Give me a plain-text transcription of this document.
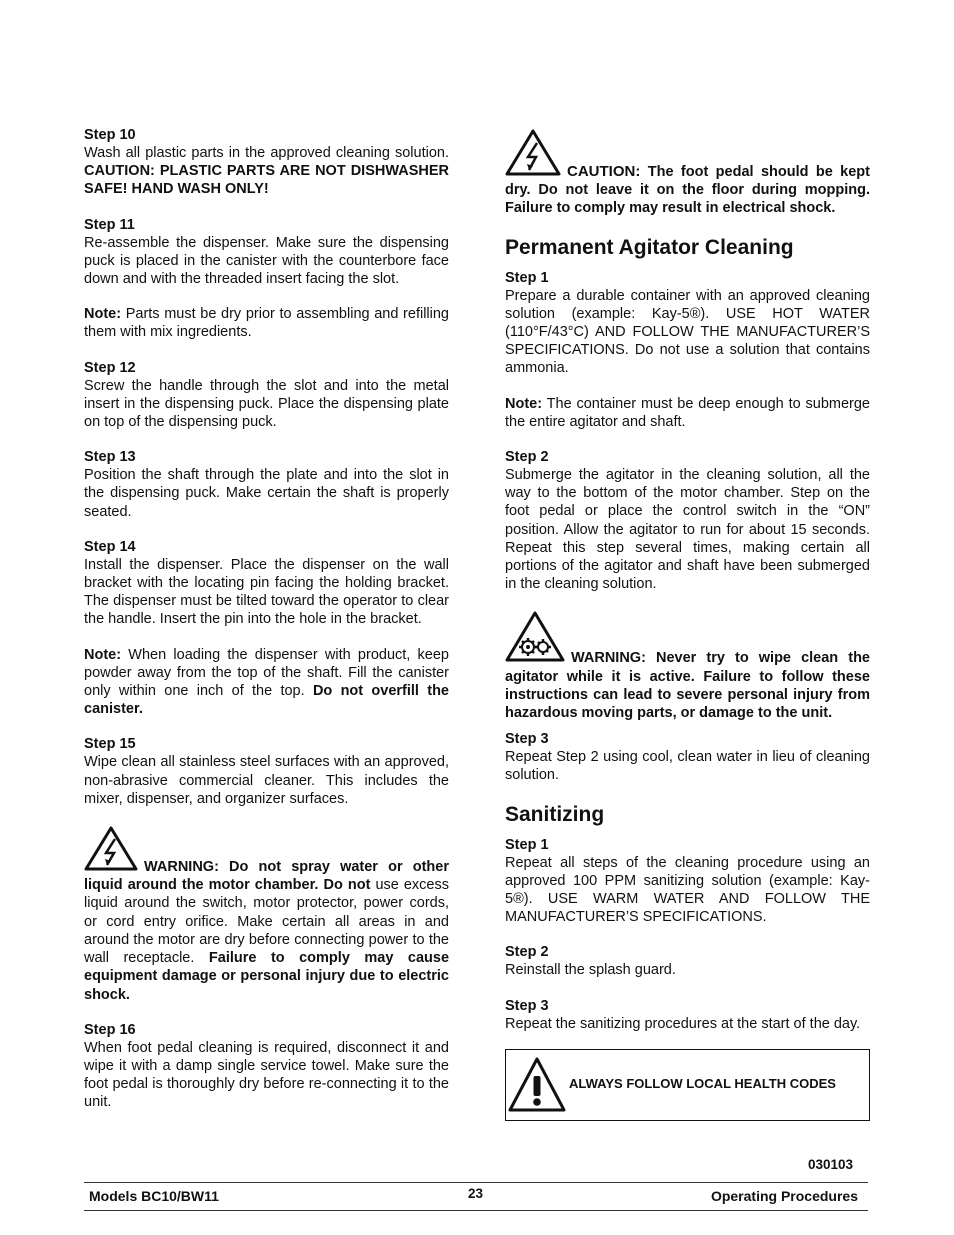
Step 10

Wash all plastic parts in the approved cleaning solution. CAUTION: PLASTIC PARTS ARE NOT DISHWASHER SAFE! HAND WASH ONLY!

Step 11

Re-assemble the dispenser. Make sure the dispensing puck is placed in the canister with the counterbore face down and with the threaded insert facing the slot.

Note: Parts must be dry prior to assembling and refilling them with mix ingredients.

Step 12

Screw the handle through the slot and into the metal insert in the dispensing puck. Place the dispensing plate on top of the dispensing puck.

Step 13

Position the shaft through the plate and into the slot in the dispensing puck. Make certain the shaft is properly seated.

Step 14

Install the dispenser. Place the dispenser on the wall bracket with the locating pin facing the holding bracket. The dispenser must be tilted toward the operator to clear the handle. Insert the pin into the hole in the bracket.

Note: When loading the dispenser with product, keep powder away from the top of the shaft. Fill the canister only within one inch of the top. Do not overfill the canister.

Step 15

Wipe clean all stainless steel surfaces with an approved, non-abrasive commercial cleaner. This includes the mixer, dispenser, and organizer surfaces.

WARNING: Do not spray water or other liquid around the motor chamber. Do not use excess liquid around the switch, motor protector, power cords, or cord entry orifice. Make certain all areas in and around the motor are dry before connecting power to the wall receptacle. Failure to comply may cause equipment damage or personal injury due to electric shock.
Step 16

When foot pedal cleaning is required, disconnect it and wipe it with a damp single service towel. Make sure the foot pedal is thoroughly dry before re-connecting it to the unit.

CAUTION: The foot pedal should be kept dry. Do not leave it on the floor during mopping. Failure to comply may result in electrical shock.
Permanent Agitator Cleaning
Step 1

Prepare a durable container with an approved cleaning solution (example: Kay-5®). USE HOT WATER (110°F/43°C) AND FOLLOW THE MANUFACTURER’S SPECIFICATIONS. Do not use a solution that contains ammonia.

Note: The container must be deep enough to submerge the entire agitator and shaft.

Step 2

Submerge the agitator in the cleaning solution, all the way to the bottom of the motor chamber. Step on the foot pedal or place the control switch in the “ON” position. Allow the agitator to run for about 15 seconds. Repeat this step several times, making certain all portions of the agitator and shaft have been submerged in the cleaning solution.

WARNING: Never try to wipe clean the agitator while it is active. Failure to follow these instructions can lead to severe personal injury from hazardous moving parts, or damage to the unit.
Step 3

Repeat Step 2 using cool, clean water in lieu of cleaning solution.

Sanitizing
Step 1

Repeat all steps of the cleaning procedure using an approved 100 PPM sanitizing solution (example: Kay-5®). USE WARM WATER AND FOLLOW THE MANUFACTURER’S SPECIFICATIONS.

Step 2

Reinstall the splash guard.

Step 3

Repeat the sanitizing procedures at the start of the day.

ALWAYS FOLLOW LOCAL HEALTH CODES
030103
Models BC10/BW11	23	Operating Procedures
